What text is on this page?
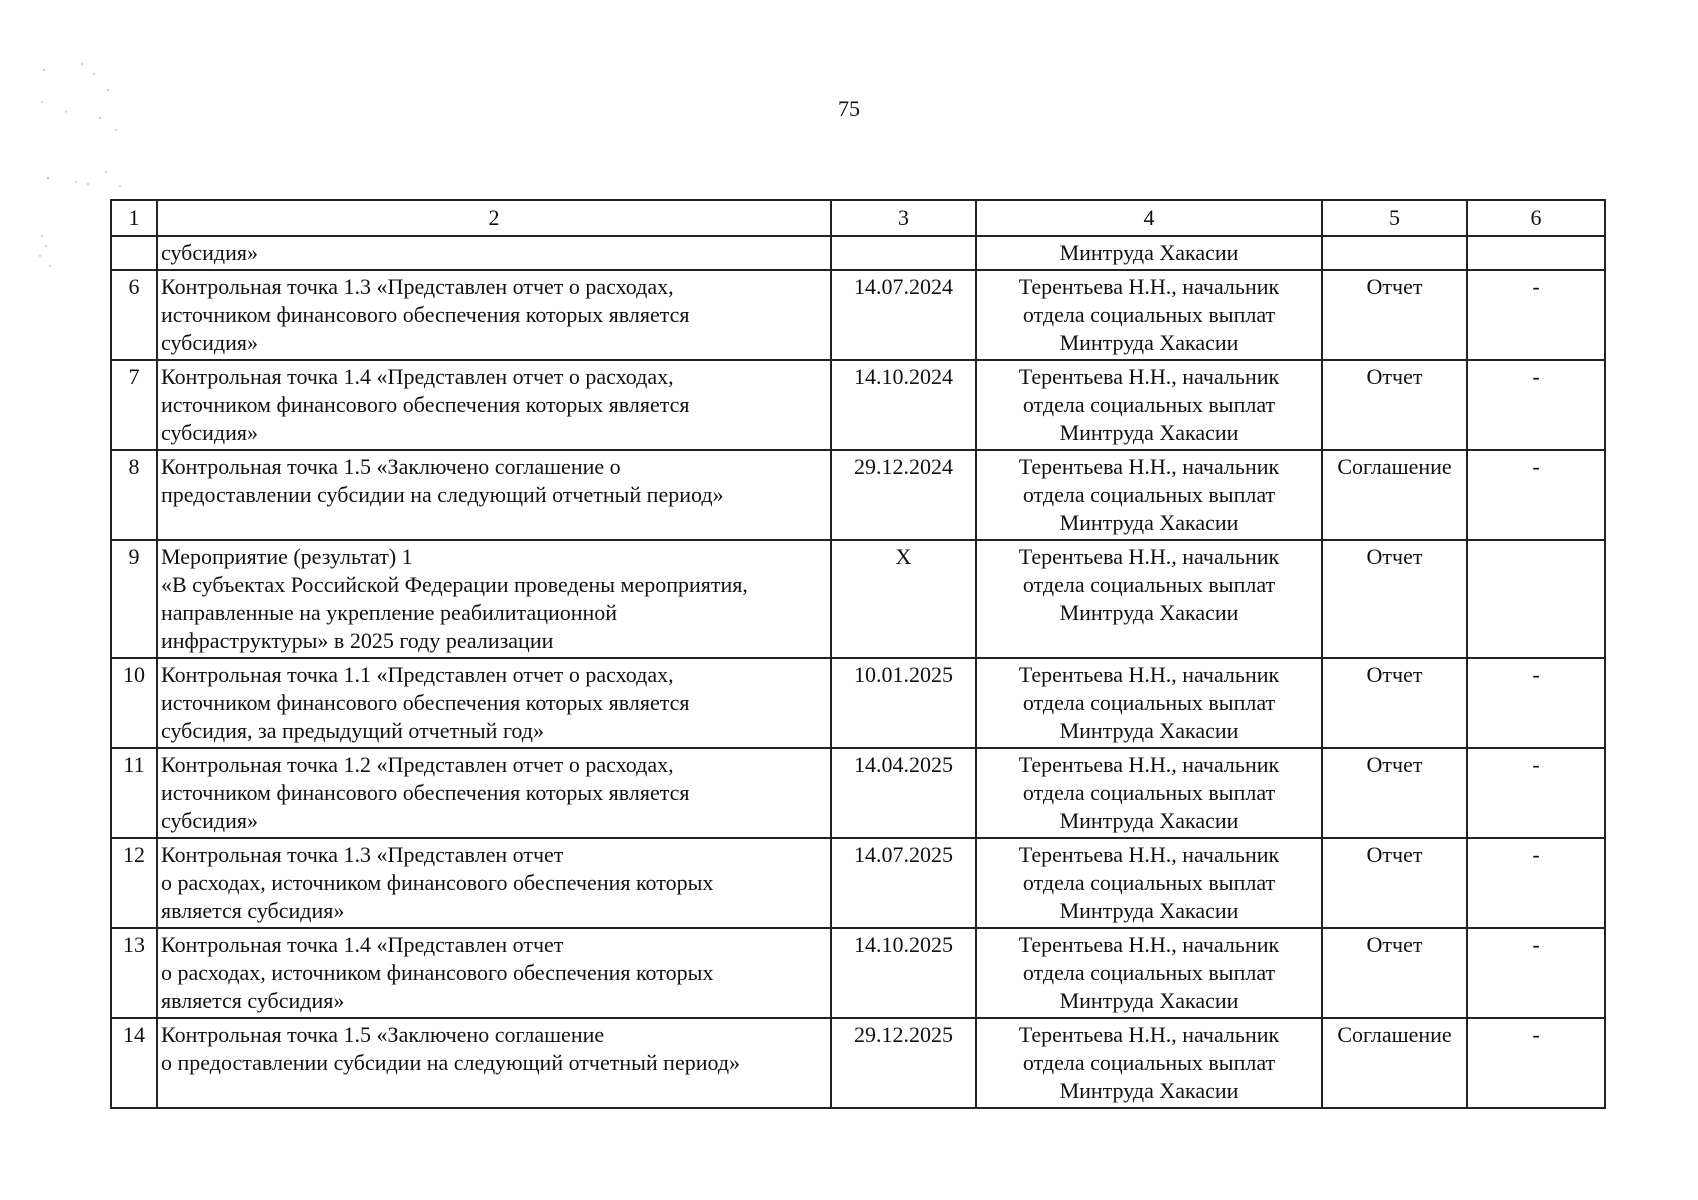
75
1	2	3	4	5	6

	субсидия»		Минтруда Хакасии		

6	Контрольная точка 1.3 «Представлен отчет о расходах,
источником финансового обеспечения которых является
субсидия»	14.07.2024	Терентьева Н.Н., начальник
отдела социальных выплат
Минтруда Хакасии	Отчет	-
7	Контрольная точка 1.4 «Представлен отчет о расходах,
источником финансового обеспечения которых является
субсидия»	14.10.2024	Терентьева Н.Н., начальник
отдела социальных выплат
Минтруда Хакасии	Отчет	-
8	Контрольная точка 1.5 «Заключено соглашение о
предоставлении субсидии на следующий отчетный период»	29.12.2024	Терентьева Н.Н., начальник
отдела социальных выплат
Минтруда Хакасии	Соглашение	-
9	Мероприятие (результат) 1
«В субъектах Российской Федерации проведены мероприятия,
направленные на укрепление реабилитационной
инфраструктуры» в 2025 году реализации	X	Терентьева Н.Н., начальник
отдела социальных выплат
Минтруда Хакасии	Отчет	
10	Контрольная точка 1.1 «Представлен отчет о расходах,
источником финансового обеспечения которых является
субсидия, за предыдущий отчетный год»	10.01.2025	Терентьева Н.Н., начальник
отдела социальных выплат
Минтруда Хакасии	Отчет	-
11	Контрольная точка 1.2 «Представлен отчет о расходах,
источником финансового обеспечения которых является
субсидия»	14.04.2025	Терентьева Н.Н., начальник
отдела социальных выплат
Минтруда Хакасии	Отчет	-
12	Контрольная точка 1.3 «Представлен отчет
о расходах, источником финансового обеспечения которых
является субсидия»	14.07.2025	Терентьева Н.Н., начальник
отдела социальных выплат
Минтруда Хакасии	Отчет	-
13	Контрольная точка 1.4 «Представлен отчет
о расходах, источником финансового обеспечения которых
является субсидия»	14.10.2025	Терентьева Н.Н., начальник
отдела социальных выплат
Минтруда Хакасии	Отчет	-
14	Контрольная точка 1.5 «Заключено соглашение
о предоставлении субсидии на следующий отчетный период»	29.12.2025	Терентьева Н.Н., начальник
отдела социальных выплат
Минтруда Хакасии	Соглашение	-
